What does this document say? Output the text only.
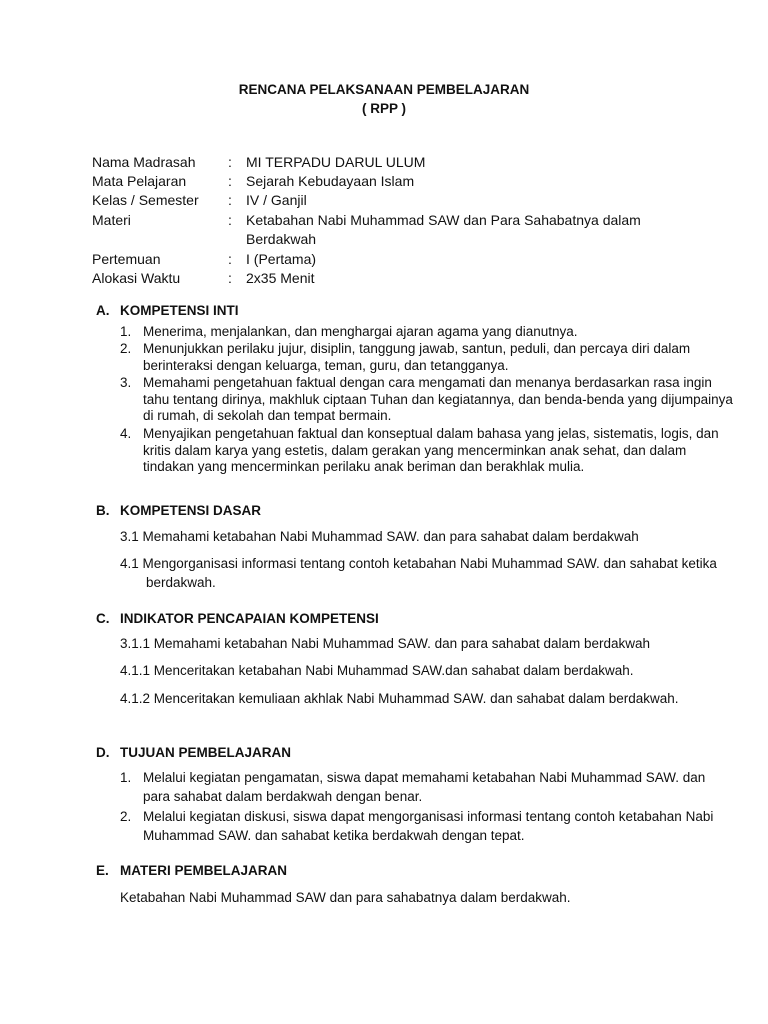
RENCANA PELAKSANAAN PEMBELAJARAN
( RPP )
Nama Madrasah : MI TERPADU DARUL ULUM
Mata Pelajaran	: Sejarah Kebudayaan Islam
Kelas / Semester : IV / Ganjil
Materi	: Ketabahan Nabi Muhammad SAW dan Para Sahabatnya dalam Berdakwah
Pertemuan	: I (Pertama)
Alokasi Waktu	: 2x35 Menit
A. KOMPETENSI INTI
1. Menerima, menjalankan, dan menghargai ajaran agama yang dianutnya.
2. Menunjukkan perilaku jujur, disiplin, tanggung jawab, santun, peduli, dan percaya diri dalam berinteraksi dengan keluarga, teman, guru, dan tetangganya.
3. Memahami pengetahuan faktual dengan cara mengamati dan menanya berdasarkan rasa ingin tahu tentang dirinya, makhluk ciptaan Tuhan dan kegiatannya, dan benda-benda yang dijumpainya di rumah, di sekolah dan tempat bermain.
4. Menyajikan pengetahuan faktual dan konseptual dalam bahasa yang jelas, sistematis, logis, dan kritis dalam karya yang estetis, dalam gerakan yang mencerminkan anak sehat, dan dalam tindakan yang mencerminkan perilaku anak beriman dan berakhlak mulia.
B. KOMPETENSI DASAR
3.1 Memahami ketabahan Nabi Muhammad SAW. dan para sahabat dalam berdakwah
4.1 Mengorganisasi informasi tentang contoh ketabahan Nabi Muhammad SAW. dan sahabat ketika berdakwah.
C. INDIKATOR PENCAPAIAN KOMPETENSI
3.1.1 Memahami ketabahan Nabi Muhammad SAW. dan para sahabat dalam berdakwah
4.1.1 Menceritakan ketabahan Nabi Muhammad SAW.dan sahabat dalam berdakwah.
4.1.2 Menceritakan kemuliaan akhlak Nabi Muhammad SAW. dan sahabat dalam berdakwah.
D. TUJUAN PEMBELAJARAN
1. Melalui kegiatan pengamatan, siswa dapat memahami ketabahan Nabi Muhammad SAW. dan para sahabat dalam berdakwah dengan benar.
2. Melalui kegiatan diskusi, siswa dapat mengorganisasi informasi tentang contoh ketabahan Nabi Muhammad SAW. dan sahabat ketika berdakwah dengan tepat.
E. MATERI PEMBELAJARAN
Ketabahan Nabi Muhammad SAW dan para sahabatnya dalam berdakwah.
